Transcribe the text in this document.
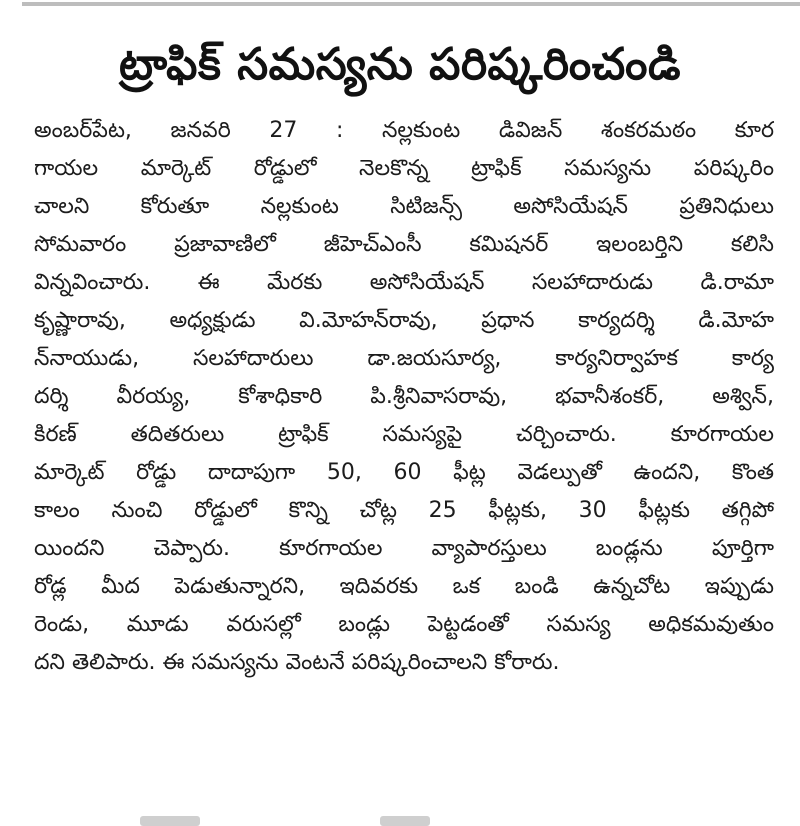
ట్రాఫిక్ సమస్యను పరిష్కరించండి
అంబర్‌పేట, జనవరి 27 : నల్లకుంట డివిజన్ శంకరమఠం కూర
గాయల మార్కెట్ రోడ్డులో నెలకొన్న ట్రాఫిక్ సమస్యను పరిష్కరిం
చాలని కోరుతూ నల్లకుంట సిటిజన్స్ అసోసియేషన్ ప్రతినిధులు
సోమవారం ప్రజావాణిలో జీహెచ్‌ఎంసీ కమిషనర్ ఇలంబర్తిని కలిసి
విన్నవించారు. ఈ మేరకు అసోసియేషన్ సలహాదారుడు డి.రామా
కృష్ణారావు, అధ్యక్షుడు వి.మోహన్‌రావు, ప్రధాన కార్యదర్శి డి.మోహ
న్‌నాయుడు, సలహాదారులు డా.జయసూర్య, కార్యనిర్వాహక కార్య
దర్శి వీరయ్య, కోశాధికారి పి.శ్రీనివాసరావు, భవానీశంకర్, అశ్విన్,
కిరణ్ తదితరులు ట్రాఫిక్ సమస్యపై చర్చించారు. కూరగాయల
మార్కెట్ రోడ్డు దాదాపుగా 50, 60 ఫీట్ల వెడల్పుతో ఉందని, కొంత
కాలం నుంచి రోడ్డులో కొన్ని చోట్ల 25 ఫీట్లకు, 30 ఫీట్లకు తగ్గిపో
యిందని చెప్పారు. కూరగాయల వ్యాపారస్తులు బండ్లను పూర్తిగా
రోడ్ల మీద పెడుతున్నారని, ఇదివరకు ఒక బండి ఉన్నచోట ఇప్పుడు
రెండు, మూడు వరుసల్లో బండ్లు పెట్టడంతో సమస్య అధికమవుతుం
దని తెలిపారు. ఈ సమస్యను వెంటనే పరిష్కరించాలని కోరారు.
